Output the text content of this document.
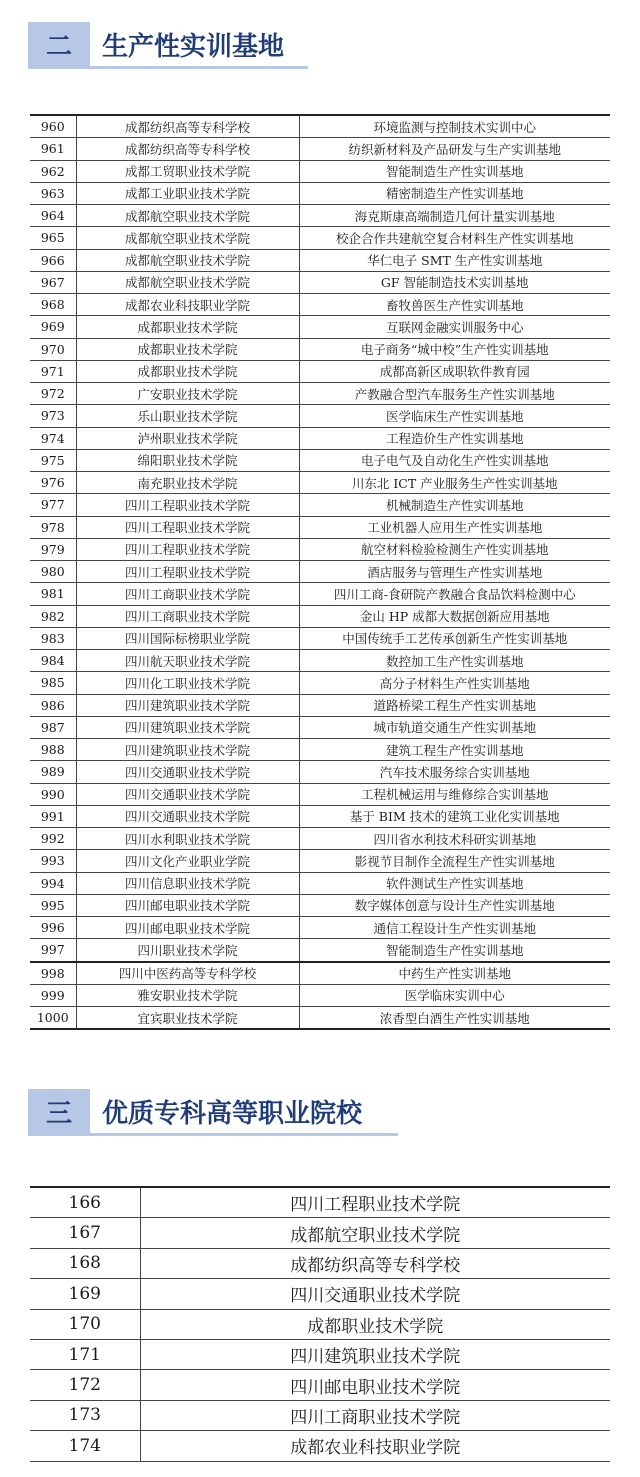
二	生产性实训基地
960	成都纺织高等专科学校	环境监测与控制技术实训中心
961	成都纺织高等专科学校	纺织新材料及产品研发与生产实训基地
962	成都工贸职业技术学院	智能制造生产性实训基地
963	成都工业职业技术学院	精密制造生产性实训基地
964	成都航空职业技术学院	海克斯康高端制造几何计量实训基地
965	成都航空职业技术学院	校企合作共建航空复合材料生产性实训基地
966	成都航空职业技术学院	华仁电子 SMT 生产性实训基地
967	成都航空职业技术学院	GF 智能制造技术实训基地
968	成都农业科技职业学院	畜牧兽医生产性实训基地
969	成都职业技术学院	互联网金融实训服务中心
970	成都职业技术学院	电子商务“城中校”生产性实训基地
971	成都职业技术学院	成都高新区成职软件教育园
972	广安职业技术学院	产教融合型汽车服务生产性实训基地
973	乐山职业技术学院	医学临床生产性实训基地
974	泸州职业技术学院	工程造价生产性实训基地
975	绵阳职业技术学院	电子电气及自动化生产性实训基地
976	南充职业技术学院	川东北 ICT 产业服务生产性实训基地
977	四川工程职业技术学院	机械制造生产性实训基地
978	四川工程职业技术学院	工业机器人应用生产性实训基地
979	四川工程职业技术学院	航空材料检验检测生产性实训基地
980	四川工程职业技术学院	酒店服务与管理生产性实训基地
981	四川工商职业技术学院	四川工商-食研院产教融合食品饮料检测中心
982	四川工商职业技术学院	金山 HP 成都大数据创新应用基地
983	四川国际标榜职业学院	中国传统手工艺传承创新生产性实训基地
984	四川航天职业技术学院	数控加工生产性实训基地
985	四川化工职业技术学院	高分子材料生产性实训基地
986	四川建筑职业技术学院	道路桥梁工程生产性实训基地
987	四川建筑职业技术学院	城市轨道交通生产性实训基地
988	四川建筑职业技术学院	建筑工程生产性实训基地
989	四川交通职业技术学院	汽车技术服务综合实训基地
990	四川交通职业技术学院	工程机械运用与维修综合实训基地
991	四川交通职业技术学院	基于 BIM 技术的建筑工业化实训基地
992	四川水利职业技术学院	四川省水利技术科研实训基地
993	四川文化产业职业学院	影视节目制作全流程生产性实训基地
994	四川信息职业技术学院	软件测试生产性实训基地
995	四川邮电职业技术学院	数字媒体创意与设计生产性实训基地
996	四川邮电职业技术学院	通信工程设计生产性实训基地
997	四川职业技术学院	智能制造生产性实训基地
998	四川中医药高等专科学校	中药生产性实训基地
999	雅安职业技术学院	医学临床实训中心
1000	宜宾职业技术学院	浓香型白酒生产性实训基地
三	优质专科高等职业院校
166	四川工程职业技术学院
167	成都航空职业技术学院
168	成都纺织高等专科学校
169	四川交通职业技术学院
170	成都职业技术学院
171	四川建筑职业技术学院
172	四川邮电职业技术学院
173	四川工商职业技术学院
174	成都农业科技职业学院
